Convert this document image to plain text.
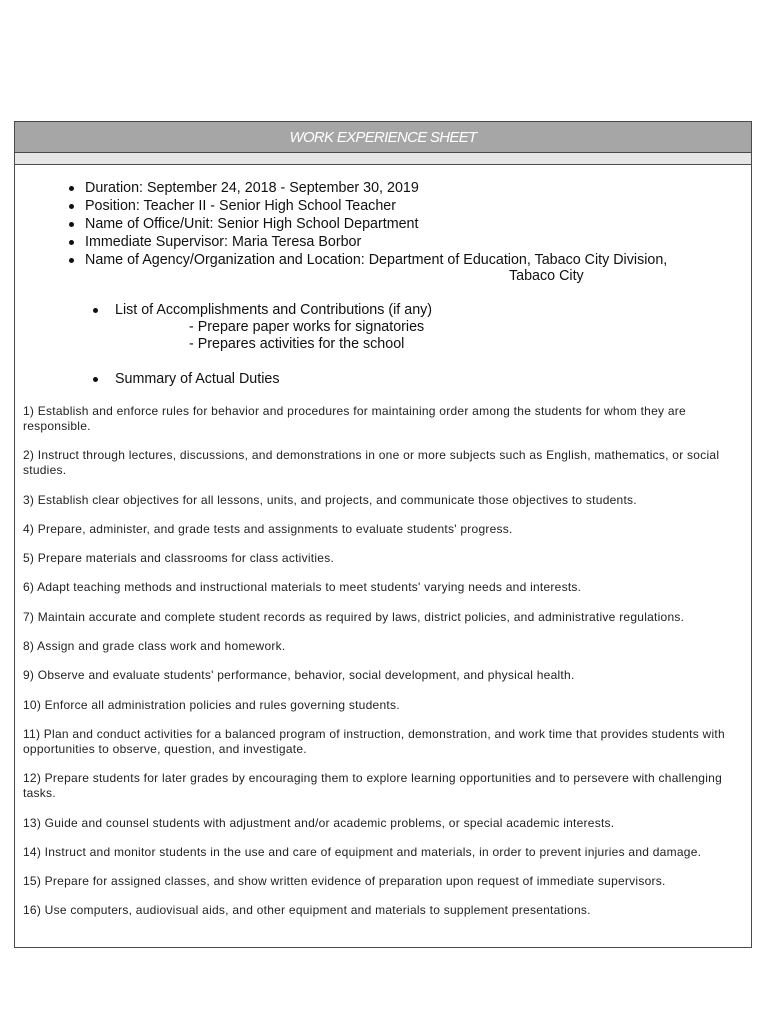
WORK EXPERIENCE SHEET
Duration: September 24, 2018 - September 30, 2019
Position: Teacher II - Senior High School Teacher
Name of Office/Unit: Senior High School Department
Immediate Supervisor: Maria Teresa Borbor
Name of Agency/Organization and Location: Department of Education, Tabaco City Division,
Tabaco City
List of Accomplishments and Contributions (if any)
- Prepare paper works for signatories
- Prepares activities for the school
Summary of Actual Duties
1) Establish and enforce rules for behavior and procedures for maintaining order among the students for whom they are responsible.
2) Instruct through lectures, discussions, and demonstrations in one or more subjects such as English, mathematics, or social studies.
3) Establish clear objectives for all lessons, units, and projects, and communicate those objectives to students.
4) Prepare, administer, and grade tests and assignments to evaluate students' progress.
5) Prepare materials and classrooms for class activities.
6) Adapt teaching methods and instructional materials to meet students' varying needs and interests.
7) Maintain accurate and complete student records as required by laws, district policies, and administrative regulations.
8) Assign and grade class work and homework.
9) Observe and evaluate students' performance, behavior, social development, and physical health.
10) Enforce all administration policies and rules governing students.
11) Plan and conduct activities for a balanced program of instruction, demonstration, and work time that provides students with opportunities to observe, question, and investigate.
12) Prepare students for later grades by encouraging them to explore learning opportunities and to persevere with challenging tasks.
13) Guide and counsel students with adjustment and/or academic problems, or special academic interests.
14) Instruct and monitor students in the use and care of equipment and materials, in order to prevent injuries and damage.
15) Prepare for assigned classes, and show written evidence of preparation upon request of immediate supervisors.
16) Use computers, audiovisual aids, and other equipment and materials to supplement presentations.
